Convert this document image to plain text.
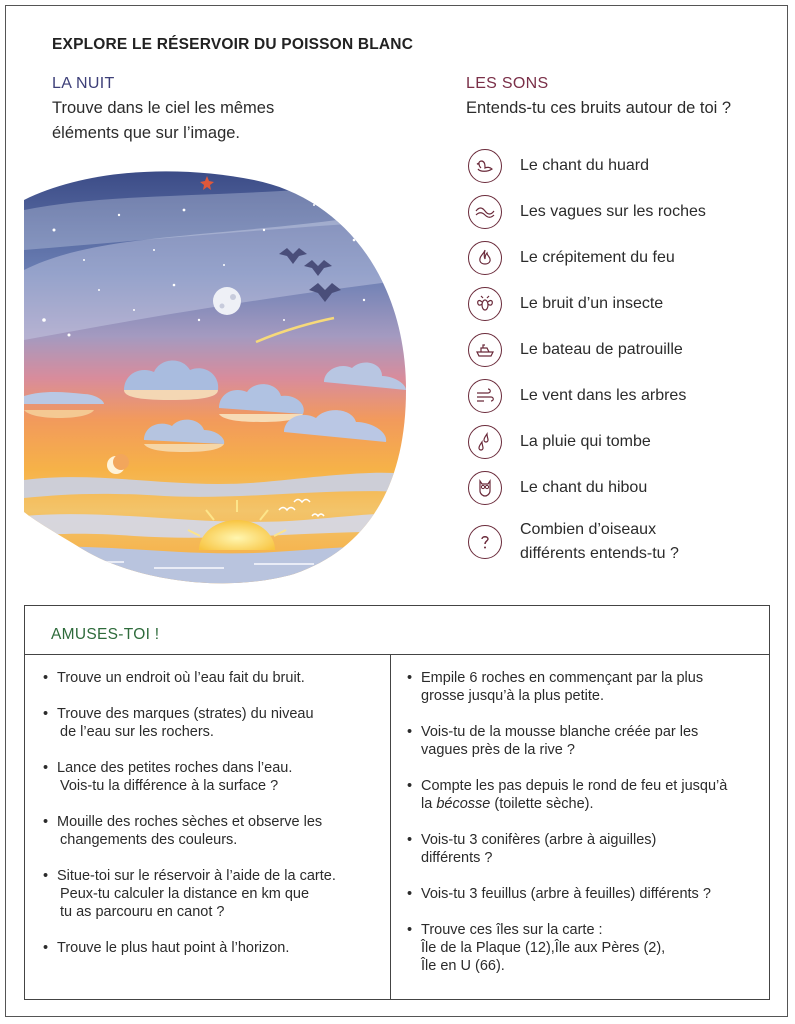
EXPLORE LE RÉSERVOIR DU POISSON BLANC
LA NUIT
Trouve dans le ciel les mêmes
éléments que sur l’image.
LES SONS
Entends-tu ces bruits autour de toi ?
Le chant du huard
Les vagues sur les roches
Le crépitement du feu
Le bruit d’un insecte
Le bateau de patrouille
Le vent dans les arbres
La pluie qui tombe
Le chant du hibou
Combien d’oiseaux
différents entends-tu ?
AMUSES-TOI !
• Trouve un endroit où l’eau fait du bruit.
• Trouve des marques (strates) du niveau
de l’eau sur les rochers.
• Lance des petites roches dans l’eau.
Vois-tu la différence à la surface ?
• Mouille des roches sèches et observe les
changements des couleurs.
• Situe-toi sur le réservoir à l’aide de la carte.
Peux-tu calculer la distance en km que
tu as parcouru en canot ?
• Trouve le plus haut point à l’horizon.
• Empile 6 roches en commençant par la plus
grosse jusqu’à la plus petite.
• Vois-tu de la mousse blanche créée par les
vagues près de la rive ?
• Compte les pas depuis le rond de feu et jusqu’à
la bécosse (toilette sèche).
• Vois-tu 3 conifères (arbre à aiguilles)
différents ?
• Vois-tu 3 feuillus (arbre à feuilles) différents ?
• Trouve ces îles sur la carte :
Île de la Plaque (12),Île aux Pères (2),
Île en U (66).
